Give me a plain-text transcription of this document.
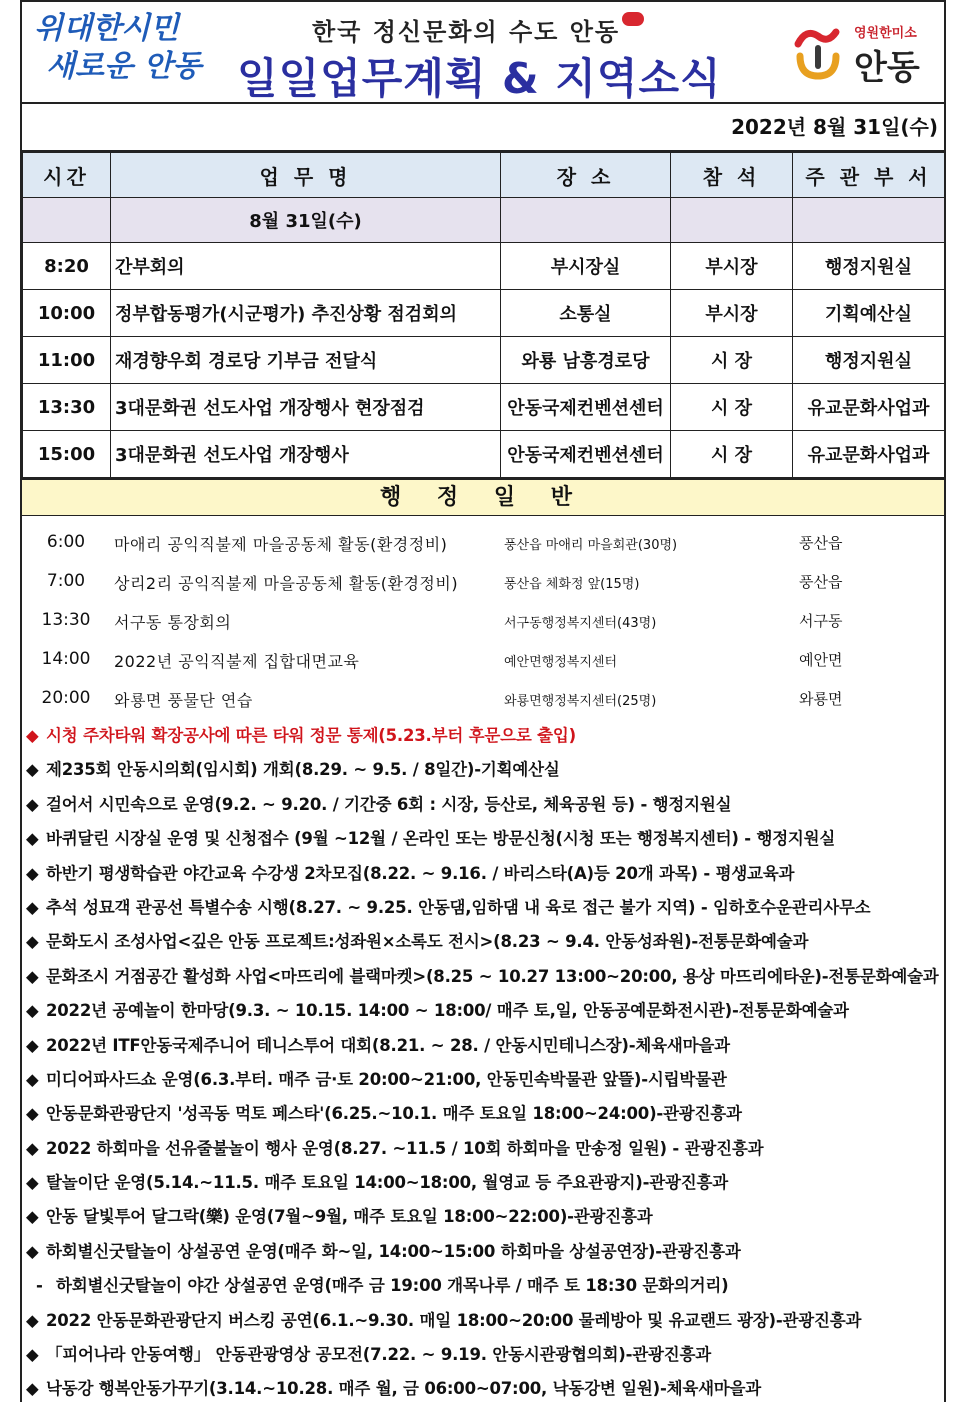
위대한시민
새로운 안동
한국 정신문화의 수도 안동
일일업무계획 & 지역소식
영원한미소
안동
2022년 8월 31일(수)
시간	업 무 명	장 소	참 석	주 관 부 서
	8월 31일(수)			
8:20	간부회의	부시장실	부시장	행정지원실
10:00	정부합동평가(시군평가) 추진상황 점검회의	소통실	부시장	기획예산실
11:00	재경향우회 경로당 기부금 전달식	와룡 남흥경로당	시 장	행정지원실
13:30	3대문화권 선도사업 개장행사 현장점검	안동국제컨벤션센터	시 장	유교문화사업과
15:00	3대문화권 선도사업 개장행사	안동국제컨벤션센터	시 장	유교문화사업과
행 정 일 반
6:00	마애리 공익직불제 마을공동체 활동(환경정비)	풍산읍 마애리 마을회관(30명)	풍산읍
7:00	상리2리 공익직불제 마을공동체 활동(환경정비)	풍산읍 체화정 앞(15명)	풍산읍
13:30	서구동 통장회의	서구동행정복지센터(43명)	서구동
14:00	2022년 공익직불제 집합대면교육	예안면행정복지센터	예안면
20:00	와룡면 풍물단 연습	와룡면행정복지센터(25명)	와룡면
◆ 시청 주차타워 확장공사에 따른 타워 정문 통제(5.23.부터 후문으로 출입)
◆ 제235회 안동시의회(임시회) 개회(8.29. ~ 9.5. / 8일간)-기획예산실
◆ 걸어서 시민속으로 운영(9.2. ~ 9.20. / 기간중 6회 : 시장, 등산로, 체육공원 등) - 행정지원실
◆ 바퀴달린 시장실 운영 및 신청접수 (9월 ~12월 / 온라인 또는 방문신청(시청 또는 행정복지센터) - 행정지원실
◆ 하반기 평생학습관 야간교육 수강생 2차모집(8.22. ~ 9.16. / 바리스타(A)등 20개 과목) - 평생교육과
◆ 추석 성묘객 관공선 특별수송 시행(8.27. ~ 9.25. 안동댐,임하댐 내 육로 접근 불가 지역) - 임하호수운관리사무소
◆ 문화도시 조성사업<깊은 안동 프로젝트:성좌원×소록도 전시>(8.23 ~ 9.4. 안동성좌원)-전통문화예술과
◆ 문화조시 거점공간 활성화 사업<마뜨리에 블랙마켓>(8.25 ~ 10.27 13:00~20:00, 용상 마뜨리에타운)-전통문화예술과
◆ 2022년 공예놀이 한마당(9.3. ~ 10.15. 14:00 ~ 18:00/ 매주 토,일, 안동공예문화전시관)-전통문화예술과
◆ 2022년 ITF안동국제주니어 테니스투어 대회(8.21. ~ 28. / 안동시민테니스장)-체육새마을과
◆ 미디어파사드쇼 운영(6.3.부터. 매주 금·토 20:00~21:00, 안동민속박물관 앞뜰)-시립박물관
◆ 안동문화관광단지 '성곡동 먹토 페스타'(6.25.~10.1. 매주 토요일 18:00~24:00)-관광진흥과
◆ 2022 하회마을 선유줄불놀이 행사 운영(8.27. ~11.5 / 10회 하회마을 만송정 일원) - 관광진흥과
◆ 탈놀이단 운영(5.14.~11.5. 매주 토요일 14:00~18:00, 월영교 등 주요관광지)-관광진흥과
◆ 안동 달빛투어 달그락(樂) 운영(7월~9월, 매주 토요일 18:00~22:00)-관광진흥과
◆ 하회별신굿탈놀이 상설공연 운영(매주 화~일, 14:00~15:00 하회마을 상설공연장)-관광진흥과
- 하회별신굿탈놀이 야간 상설공연 운영(매주 금 19:00 개목나루 / 매주 토 18:30 문화의거리)
◆ 2022 안동문화관광단지 버스킹 공연(6.1.~9.30. 매일 18:00~20:00 물레방아 및 유교랜드 광장)-관광진흥과
◆ 「피어나라 안동여행」 안동관광영상 공모전(7.22. ~ 9.19. 안동시관광협의회)-관광진흥과
◆ 낙동강 행복안동가꾸기(3.14.~10.28. 매주 월, 금 06:00~07:00, 낙동강변 일원)-체육새마을과
